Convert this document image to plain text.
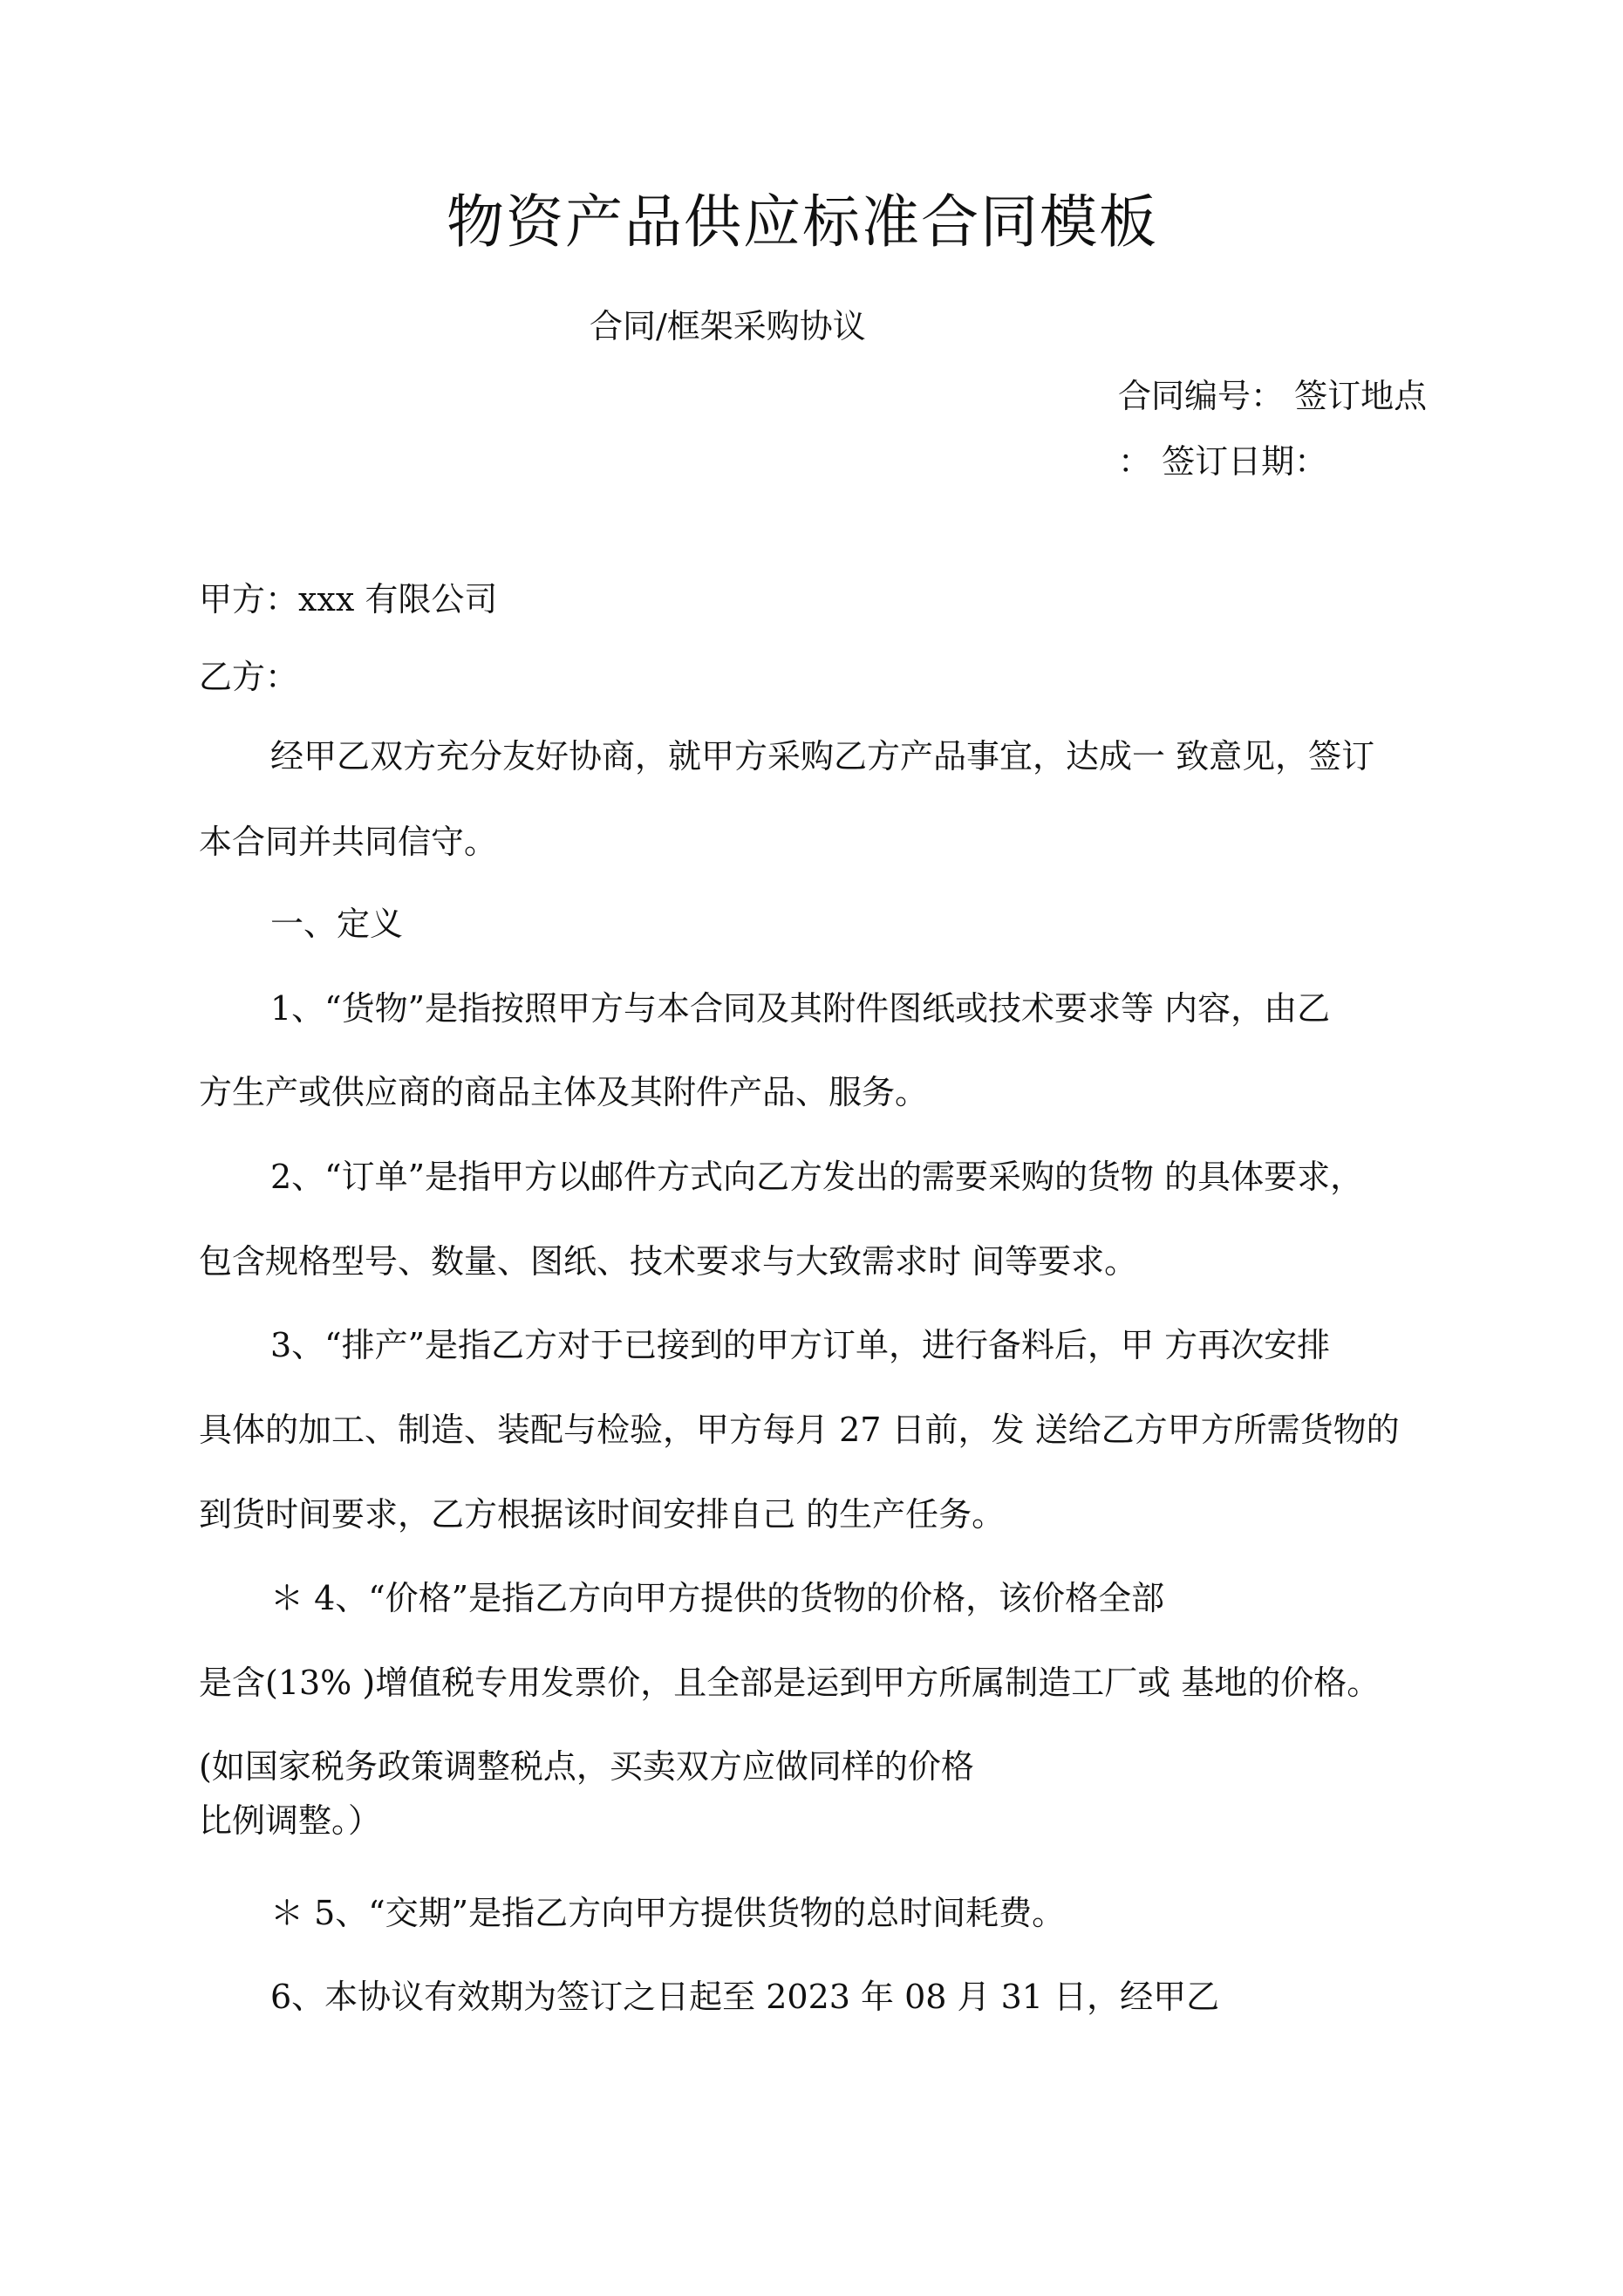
物资产品供应标准合同模板
合同/框架采购协议
合同编号： 签订地点
： 签订日期：
甲方：xxx 有限公司
乙方：
经甲乙双方充分友好协商，就甲方采购乙方产品事宜，达成一 致意见，签订
本合同并共同信守。
一、定义
1、“货物”是指按照甲方与本合同及其附件图纸或技术要求等 内容，由乙
方生产或供应商的商品主体及其附件产品、服务。
2、“订单”是指甲方以邮件方式向乙方发出的需要采购的货物 的具体要求，
包含规格型号、数量、图纸、技术要求与大致需求时 间等要求。
3、“排产”是指乙方对于已接到的甲方订单，进行备料后，甲 方再次安排
具体的加工、制造、装配与检验，甲方每月 27 日前，发 送给乙方甲方所需货物的
到货时间要求，乙方根据该时间安排自己 的生产任务。
＊ 4、“价格”是指乙方向甲方提供的货物的价格，该价格全部
是含(13% )增值税专用发票价，且全部是运到甲方所属制造工厂或 基地的价格。
(如国家税务政策调整税点，买卖双方应做同样的价格
比例调整。）
＊ 5、“交期”是指乙方向甲方提供货物的总时间耗费。
6、本协议有效期为签订之日起至 2023 年 08 月 31 日，经甲乙
